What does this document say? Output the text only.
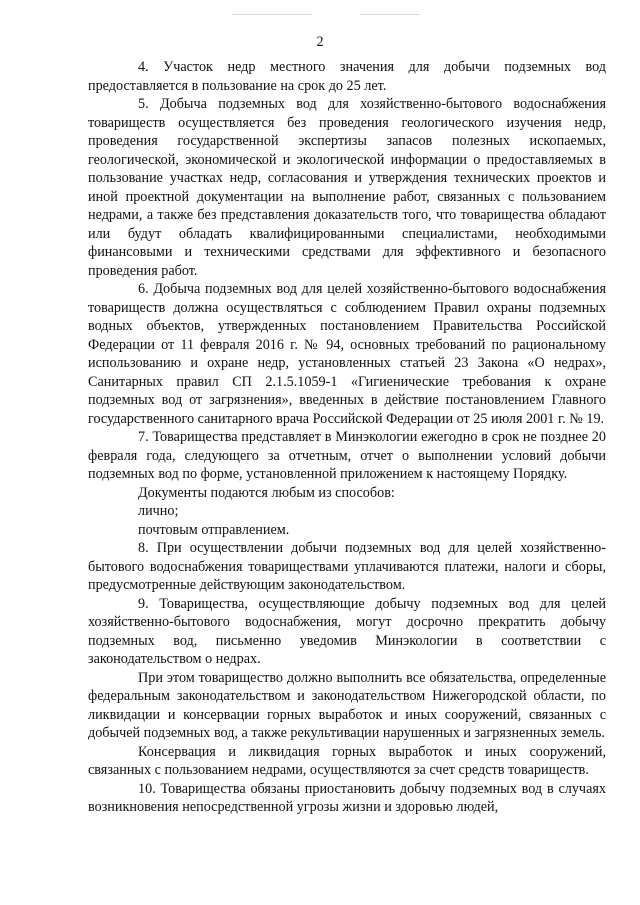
2

4. Участок недр местного значения для добычи подземных вод предоставляется в пользование на срок до 25 лет.

5. Добыча подземных вод для хозяйственно-бытового водоснабжения товариществ осуществляется без проведения геологического изучения недр, проведения государственной экспертизы запасов полезных ископаемых, геологической, экономической и экологической информации о предоставляемых в пользование участках недр, согласования и утверждения технических проектов и иной проектной документации на выполнение работ, связанных с пользованием недрами, а также без представления доказательств того, что товарищества обладают или будут обладать квалифицированными специалистами, необходимыми финансовыми и техническими средствами для эффективного и безопасного проведения работ.

6. Добыча подземных вод для целей хозяйственно-бытового водоснабжения товариществ должна осуществляться с соблюдением Правил охраны подземных водных объектов, утвержденных постановлением Правительства Российской Федерации от 11 февраля 2016 г. № 94, основных требований по рациональному использованию и охране недр, установленных статьей 23 Закона «О недрах», Санитарных правил СП 2.1.5.1059-1 «Гигиенические требования к охране подземных вод от загрязнения», введенных в действие постановлением Главного государственного санитарного врача Российской Федерации от 25 июля 2001 г. № 19.

7. Товарищества представляет в Минэкологии ежегодно в срок не позднее 20 февраля года, следующего за отчетным, отчет о выполнении условий добычи подземных вод по форме, установленной приложением к настоящему Порядку.

Документы подаются любым из способов:

лично;

почтовым отправлением.

8. При осуществлении добычи подземных вод для целей хозяйственно-бытового водоснабжения товариществами уплачиваются платежи, налоги и сборы, предусмотренные действующим законодательством.

9. Товарищества, осуществляющие добычу подземных вод для целей хозяйственно-бытового водоснабжения, могут досрочно прекратить добычу подземных вод, письменно уведомив Минэкологии в соответствии с законодательством о недрах.

При этом товарищество должно выполнить все обязательства, определенные федеральным законодательством и законодательством Нижегородской области, по ликвидации и консервации горных выработок и иных сооружений, связанных с добычей подземных вод, а также рекультивации нарушенных и загрязненных земель.

Консервация и ликвидация горных выработок и иных сооружений, связанных с пользованием недрами, осуществляются за счет средств товариществ.

10. Товарищества обязаны приостановить добычу подземных вод в случаях возникновения непосредственной угрозы жизни и здоровью людей,
